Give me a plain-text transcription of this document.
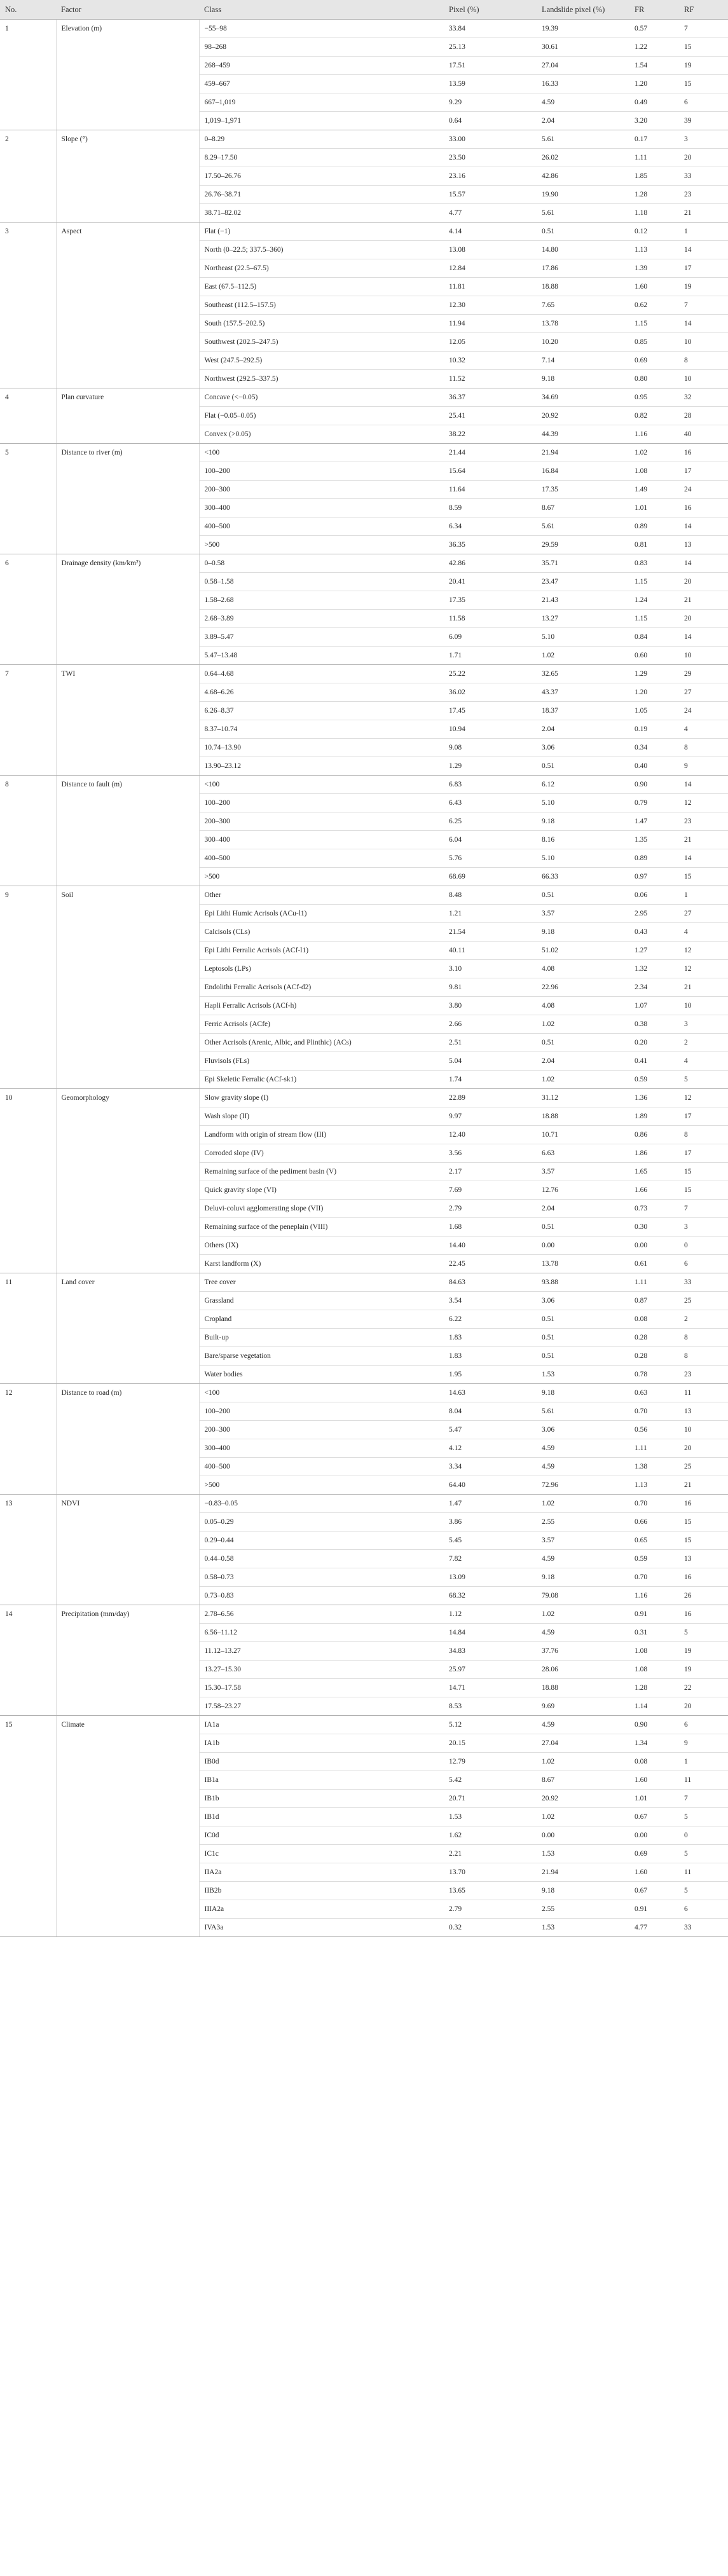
No.	Factor	Class	Pixel (%)	Landslide pixel (%)	FR	RF
1	Elevation (m)	−55–98	33.84	19.39	0.57	7
		98–268	25.13	30.61	1.22	15
		268–459	17.51	27.04	1.54	19
		459–667	13.59	16.33	1.20	15
		667–1,019	9.29	4.59	0.49	6
		1,019–1,971	0.64	2.04	3.20	39
2	Slope (°)	0–8.29	33.00	5.61	0.17	3
		8.29–17.50	23.50	26.02	1.11	20
		17.50–26.76	23.16	42.86	1.85	33
		26.76–38.71	15.57	19.90	1.28	23
		38.71–82.02	4.77	5.61	1.18	21
3	Aspect	Flat (−1)	4.14	0.51	0.12	1
		North (0–22.5; 337.5–360)	13.08	14.80	1.13	14
		Northeast (22.5–67.5)	12.84	17.86	1.39	17
		East (67.5–112.5)	11.81	18.88	1.60	19
		Southeast (112.5–157.5)	12.30	7.65	0.62	7
		South (157.5–202.5)	11.94	13.78	1.15	14
		Southwest (202.5–247.5)	12.05	10.20	0.85	10
		West (247.5–292.5)	10.32	7.14	0.69	8
		Northwest (292.5–337.5)	11.52	9.18	0.80	10
4	Plan curvature	Concave (<−0.05)	36.37	34.69	0.95	32
		Flat (−0.05–0.05)	25.41	20.92	0.82	28
		Convex (>0.05)	38.22	44.39	1.16	40
5	Distance to river (m)	<100	21.44	21.94	1.02	16
		100–200	15.64	16.84	1.08	17
		200–300	11.64	17.35	1.49	24
		300–400	8.59	8.67	1.01	16
		400–500	6.34	5.61	0.89	14
		>500	36.35	29.59	0.81	13
6	Drainage density (km/km²)	0–0.58	42.86	35.71	0.83	14
		0.58–1.58	20.41	23.47	1.15	20
		1.58–2.68	17.35	21.43	1.24	21
		2.68–3.89	11.58	13.27	1.15	20
		3.89–5.47	6.09	5.10	0.84	14
		5.47–13.48	1.71	1.02	0.60	10
7	TWI	0.64–4.68	25.22	32.65	1.29	29
		4.68–6.26	36.02	43.37	1.20	27
		6.26–8.37	17.45	18.37	1.05	24
		8.37–10.74	10.94	2.04	0.19	4
		10.74–13.90	9.08	3.06	0.34	8
		13.90–23.12	1.29	0.51	0.40	9
8	Distance to fault (m)	<100	6.83	6.12	0.90	14
		100–200	6.43	5.10	0.79	12
		200–300	6.25	9.18	1.47	23
		300–400	6.04	8.16	1.35	21
		400–500	5.76	5.10	0.89	14
		>500	68.69	66.33	0.97	15
9	Soil	Other	8.48	0.51	0.06	1
		Epi Lithi Humic Acrisols (ACu-l1)	1.21	3.57	2.95	27
		Calcisols (CLs)	21.54	9.18	0.43	4
		Epi Lithi Ferralic Acrisols (ACf-l1)	40.11	51.02	1.27	12
		Leptosols (LPs)	3.10	4.08	1.32	12
		Endolithi Ferralic Acrisols (ACf-d2)	9.81	22.96	2.34	21
		Hapli Ferralic Acrisols (ACf-h)	3.80	4.08	1.07	10
		Ferric Acrisols (ACfe)	2.66	1.02	0.38	3
		Other Acrisols (Arenic, Albic, and Plinthic) (ACs)	2.51	0.51	0.20	2
		Fluvisols (FLs)	5.04	2.04	0.41	4
		Epi Skeletic Ferralic (ACf-sk1)	1.74	1.02	0.59	5
10	Geomorphology	Slow gravity slope (I)	22.89	31.12	1.36	12
		Wash slope (II)	9.97	18.88	1.89	17
		Landform with origin of stream flow (III)	12.40	10.71	0.86	8
		Corroded slope (IV)	3.56	6.63	1.86	17
		Remaining surface of the pediment basin (V)	2.17	3.57	1.65	15
		Quick gravity slope (VI)	7.69	12.76	1.66	15
		Deluvi-coluvi agglomerating slope (VII)	2.79	2.04	0.73	7
		Remaining surface of the peneplain (VIII)	1.68	0.51	0.30	3
		Others (IX)	14.40	0.00	0.00	0
		Karst landform (X)	22.45	13.78	0.61	6
11	Land cover	Tree cover	84.63	93.88	1.11	33
		Grassland	3.54	3.06	0.87	25
		Cropland	6.22	0.51	0.08	2
		Built-up	1.83	0.51	0.28	8
		Bare/sparse vegetation	1.83	0.51	0.28	8
		Water bodies	1.95	1.53	0.78	23
12	Distance to road (m)	<100	14.63	9.18	0.63	11
		100–200	8.04	5.61	0.70	13
		200–300	5.47	3.06	0.56	10
		300–400	4.12	4.59	1.11	20
		400–500	3.34	4.59	1.38	25
		>500	64.40	72.96	1.13	21
13	NDVI	−0.83–0.05	1.47	1.02	0.70	16
		0.05–0.29	3.86	2.55	0.66	15
		0.29–0.44	5.45	3.57	0.65	15
		0.44–0.58	7.82	4.59	0.59	13
		0.58–0.73	13.09	9.18	0.70	16
		0.73–0.83	68.32	79.08	1.16	26
14	Precipitation (mm/day)	2.78–6.56	1.12	1.02	0.91	16
		6.56–11.12	14.84	4.59	0.31	5
		11.12–13.27	34.83	37.76	1.08	19
		13.27–15.30	25.97	28.06	1.08	19
		15.30–17.58	14.71	18.88	1.28	22
		17.58–23.27	8.53	9.69	1.14	20
15	Climate	IA1a	5.12	4.59	0.90	6
		IA1b	20.15	27.04	1.34	9
		IB0d	12.79	1.02	0.08	1
		IB1a	5.42	8.67	1.60	11
		IB1b	20.71	20.92	1.01	7
		IB1d	1.53	1.02	0.67	5
		IC0d	1.62	0.00	0.00	0
		IC1c	2.21	1.53	0.69	5
		IIA2a	13.70	21.94	1.60	11
		IIB2b	13.65	9.18	0.67	5
		IIIA2a	2.79	2.55	0.91	6
		IVA3a	0.32	1.53	4.77	33
